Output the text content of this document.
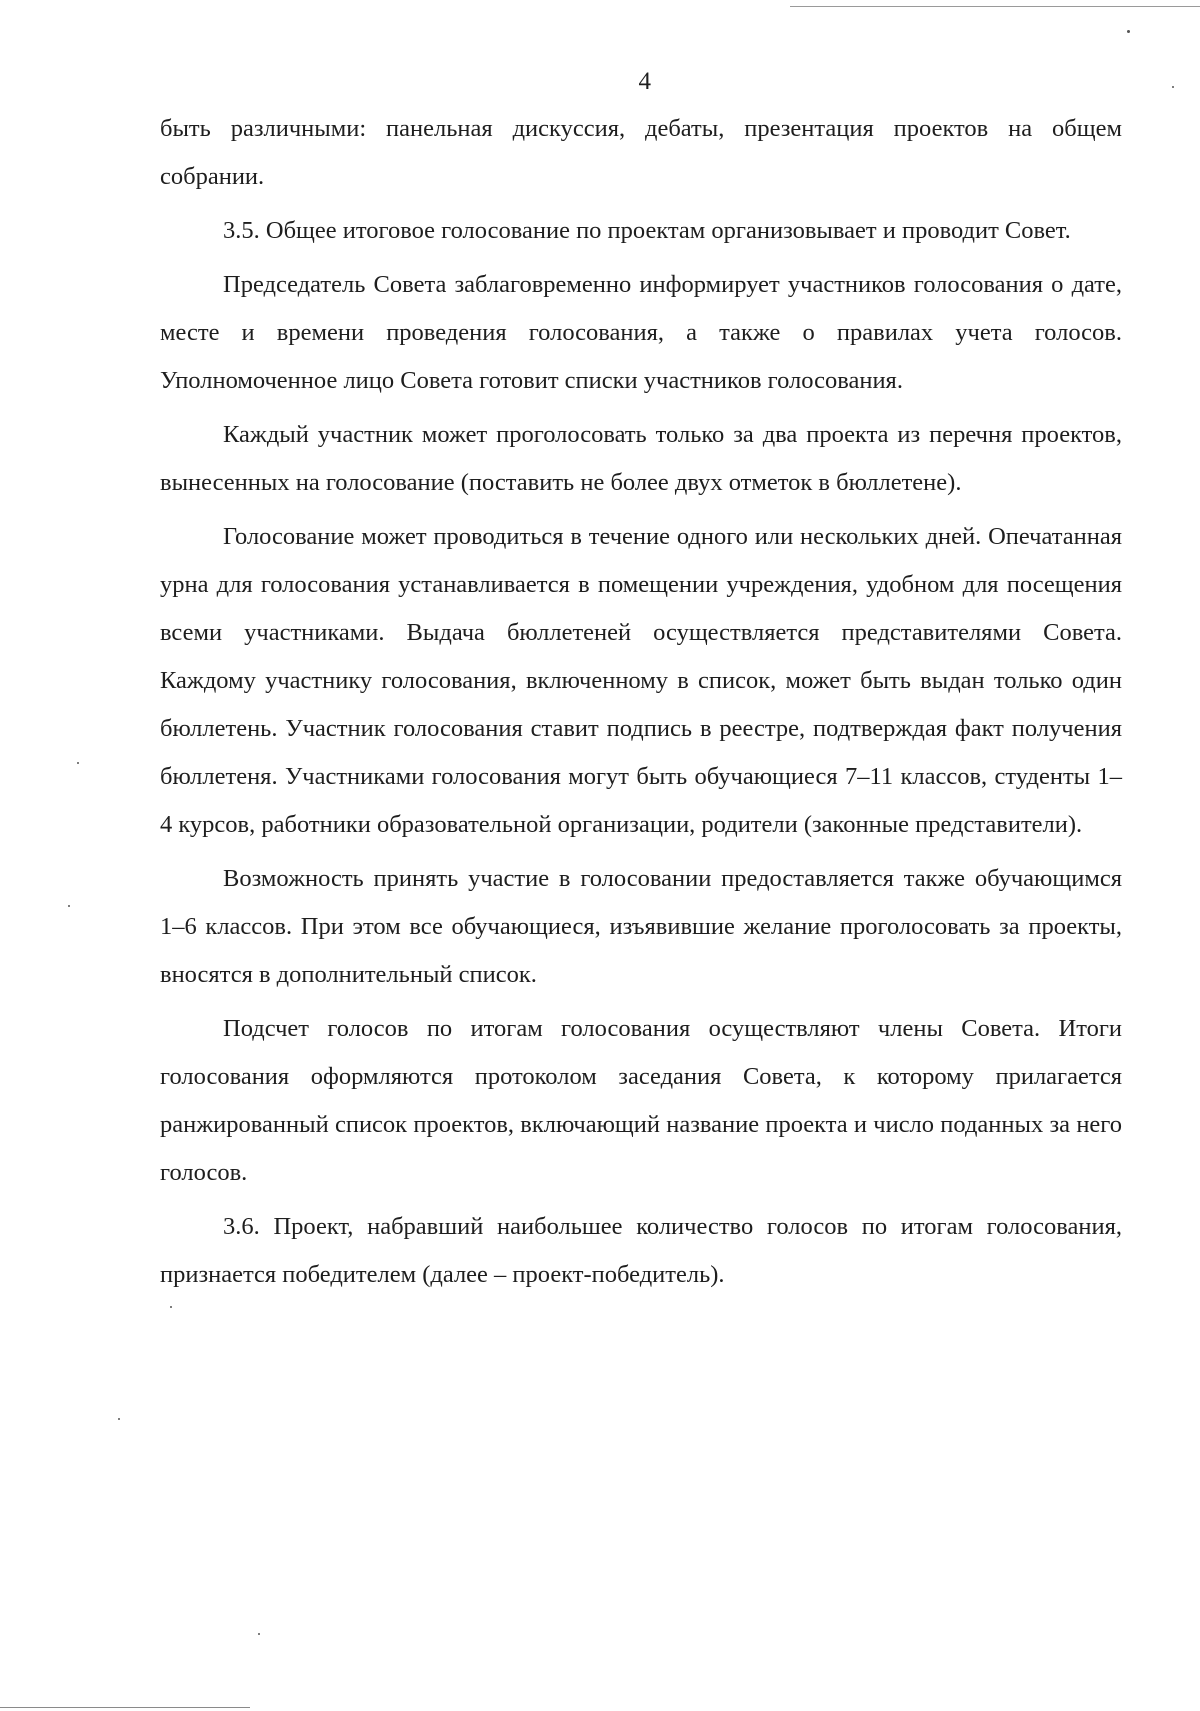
4

быть различными: панельная дискуссия, дебаты, презентация проектов на общем собрании.

3.5. Общее итоговое голосование по проектам организовывает и проводит Совет.

Председатель Совета заблаговременно информирует участников голосования о дате, месте и времени проведения голосования, а также о правилах учета голосов. Уполномоченное лицо Совета готовит списки участников голосования.

Каждый участник может проголосовать только за два проекта из перечня проектов, вынесенных на голосование (поставить не более двух отметок в бюллетене).

Голосование может проводиться в течение одного или нескольких дней. Опечатанная урна для голосования устанавливается в помещении учреждения, удобном для посещения всеми участниками. Выдача бюллетеней осуществляется представителями Совета. Каждому участнику голосования, включенному в список, может быть выдан только один бюллетень. Участник голосования ставит подпись в реестре, подтверждая факт получения бюллетеня. Участниками голосования могут быть обучающиеся 7–11 классов, студенты 1–4 курсов, работники образовательной организации, родители (законные представители).

Возможность принять участие в голосовании предоставляется также обучающимся 1–6 классов. При этом все обучающиеся, изъявившие желание проголосовать за проекты, вносятся в дополнительный список.

Подсчет голосов по итогам голосования осуществляют члены Совета. Итоги голосования оформляются протоколом заседания Совета, к которому прилагается ранжированный список проектов, включающий название проекта и число поданных за него голосов.

3.6. Проект, набравший наибольшее количество голосов по итогам голосования, признается победителем (далее – проект-победитель).
